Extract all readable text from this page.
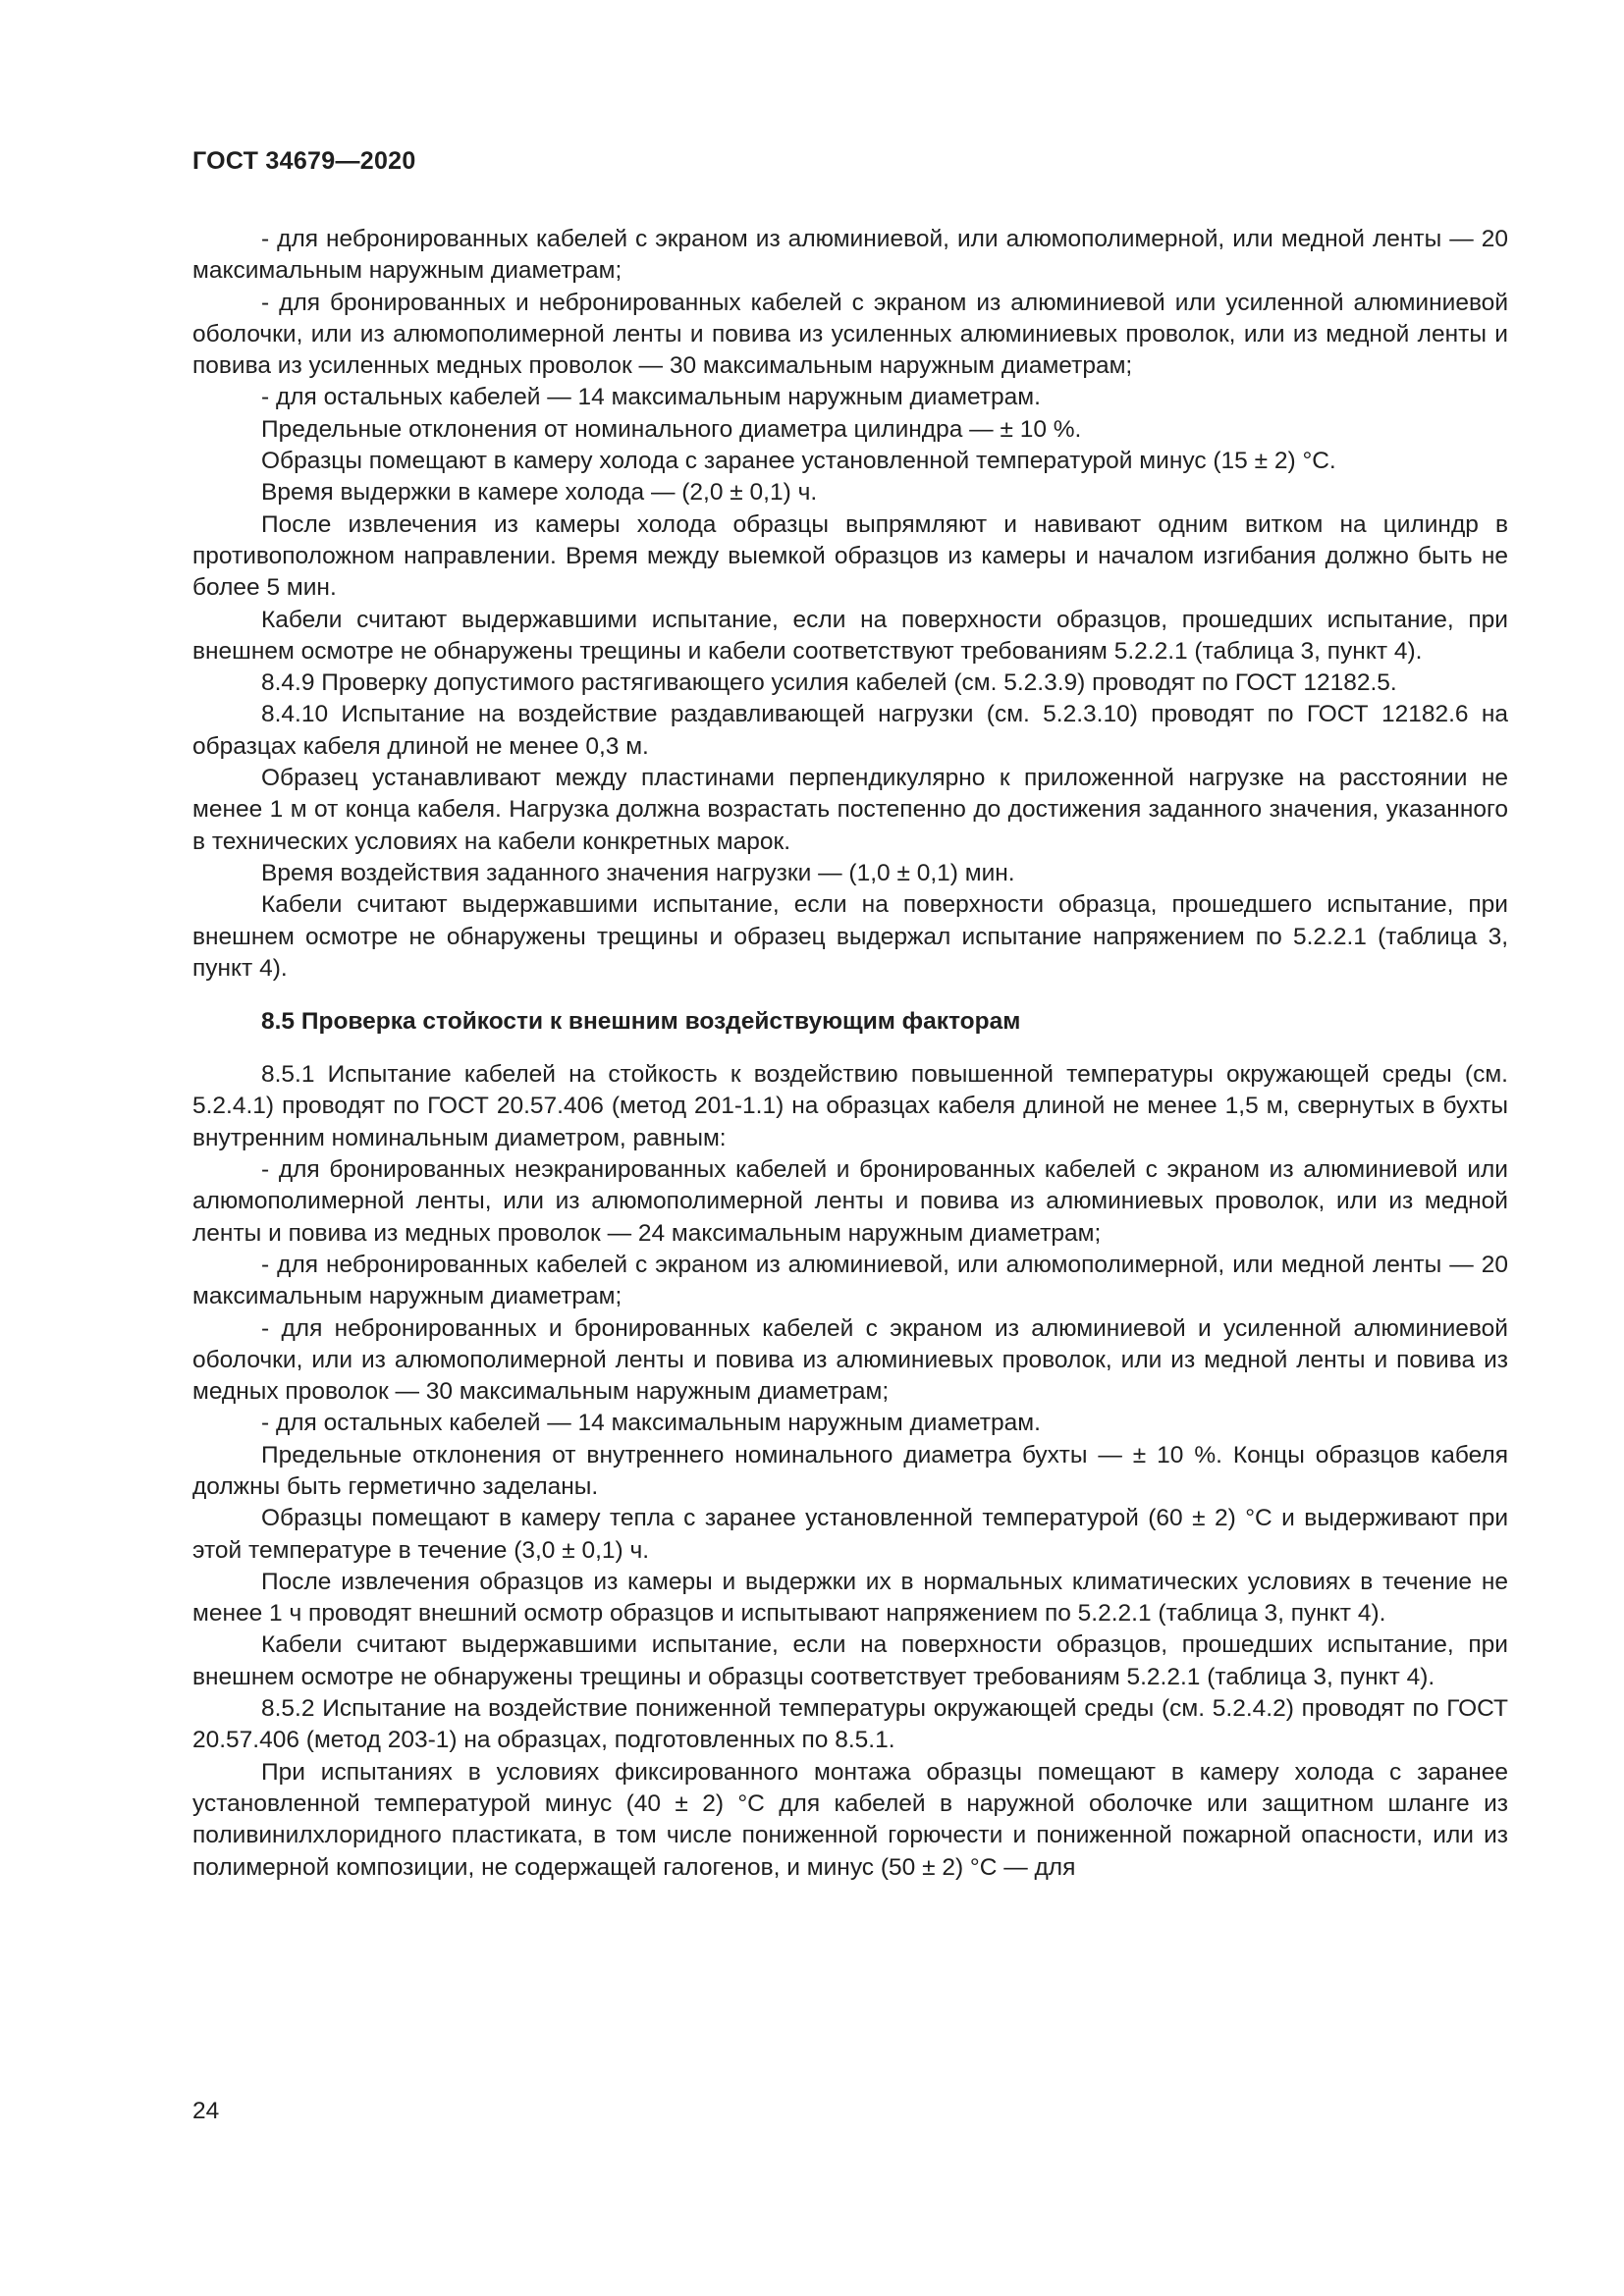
ГОСТ 34679—2020

- для небронированных кабелей с экраном из алюминиевой, или алюмополимерной, или медной ленты — 20 максимальным наружным диаметрам;

- для бронированных и небронированных кабелей с экраном из алюминиевой или усиленной алюминиевой оболочки, или из алюмополимерной ленты и повива из усиленных алюминиевых проволок, или из медной ленты и повива из усиленных медных проволок — 30 максимальным наружным диаметрам;

- для остальных кабелей — 14 максимальным наружным диаметрам.

Предельные отклонения от номинального диаметра цилиндра — ± 10 %.

Образцы помещают в камеру холода с заранее установленной температурой минус (15 ± 2) °С.

Время выдержки в камере холода — (2,0 ± 0,1) ч.

После извлечения из камеры холода образцы выпрямляют и навивают одним витком на цилиндр в противоположном направлении. Время между выемкой образцов из камеры и началом изгибания должно быть не более 5 мин.

Кабели считают выдержавшими испытание, если на поверхности образцов, прошедших испытание, при внешнем осмотре не обнаружены трещины и кабели соответствуют требованиям 5.2.2.1 (таблица 3, пункт 4).

8.4.9 Проверку допустимого растягивающего усилия кабелей (см. 5.2.3.9) проводят по ГОСТ 12182.5.

8.4.10 Испытание на воздействие раздавливающей нагрузки (см. 5.2.3.10) проводят по ГОСТ 12182.6 на образцах кабеля длиной не менее 0,3 м.

Образец устанавливают между пластинами перпендикулярно к приложенной нагрузке на расстоянии не менее 1 м от конца кабеля. Нагрузка должна возрастать постепенно до достижения заданного значения, указанного в технических условиях на кабели конкретных марок.

Время воздействия заданного значения нагрузки — (1,0 ± 0,1) мин.

Кабели считают выдержавшими испытание, если на поверхности образца, прошедшего испытание, при внешнем осмотре не обнаружены трещины и образец выдержал испытание напряжением по 5.2.2.1 (таблица 3, пункт 4).

8.5 Проверка стойкости к внешним воздействующим факторам

8.5.1 Испытание кабелей на стойкость к воздействию повышенной температуры окружающей среды (см. 5.2.4.1) проводят по ГОСТ 20.57.406 (метод 201-1.1) на образцах кабеля длиной не менее 1,5 м, свернутых в бухты внутренним номинальным диаметром, равным:

- для бронированных неэкранированных кабелей и бронированных кабелей с экраном из алюминиевой или алюмополимерной ленты, или из алюмополимерной ленты и повива из алюминиевых проволок, или из медной ленты и повива из медных проволок — 24 максимальным наружным диаметрам;

- для небронированных кабелей с экраном из алюминиевой, или алюмополимерной, или медной ленты — 20 максимальным наружным диаметрам;

- для небронированных и бронированных кабелей с экраном из алюминиевой и усиленной алюминиевой оболочки, или из алюмополимерной ленты и повива из алюминиевых проволок, или из медной ленты и повива из медных проволок — 30 максимальным наружным диаметрам;

- для остальных кабелей — 14 максимальным наружным диаметрам.

Предельные отклонения от внутреннего номинального диаметра бухты — ± 10 %. Концы образцов кабеля должны быть герметично заделаны.

Образцы помещают в камеру тепла с заранее установленной температурой (60 ± 2) °С и выдерживают при этой температуре в течение (3,0 ± 0,1) ч.

После извлечения образцов из камеры и выдержки их в нормальных климатических условиях в течение не менее 1 ч проводят внешний осмотр образцов и испытывают напряжением по 5.2.2.1 (таблица 3, пункт 4).

Кабели считают выдержавшими испытание, если на поверхности образцов, прошедших испытание, при внешнем осмотре не обнаружены трещины и образцы соответствует требованиям 5.2.2.1 (таблица 3, пункт 4).

8.5.2 Испытание на воздействие пониженной температуры окружающей среды (см. 5.2.4.2) проводят по ГОСТ 20.57.406 (метод 203-1) на образцах, подготовленных по 8.5.1.

При испытаниях в условиях фиксированного монтажа образцы помещают в камеру холода с заранее установленной температурой минус (40 ± 2) °С для кабелей в наружной оболочке или защитном шланге из поливинилхлоридного пластиката, в том числе пониженной горючести и пониженной пожарной опасности, или из полимерной композиции, не содержащей галогенов, и минус (50 ± 2) °С — для

24
